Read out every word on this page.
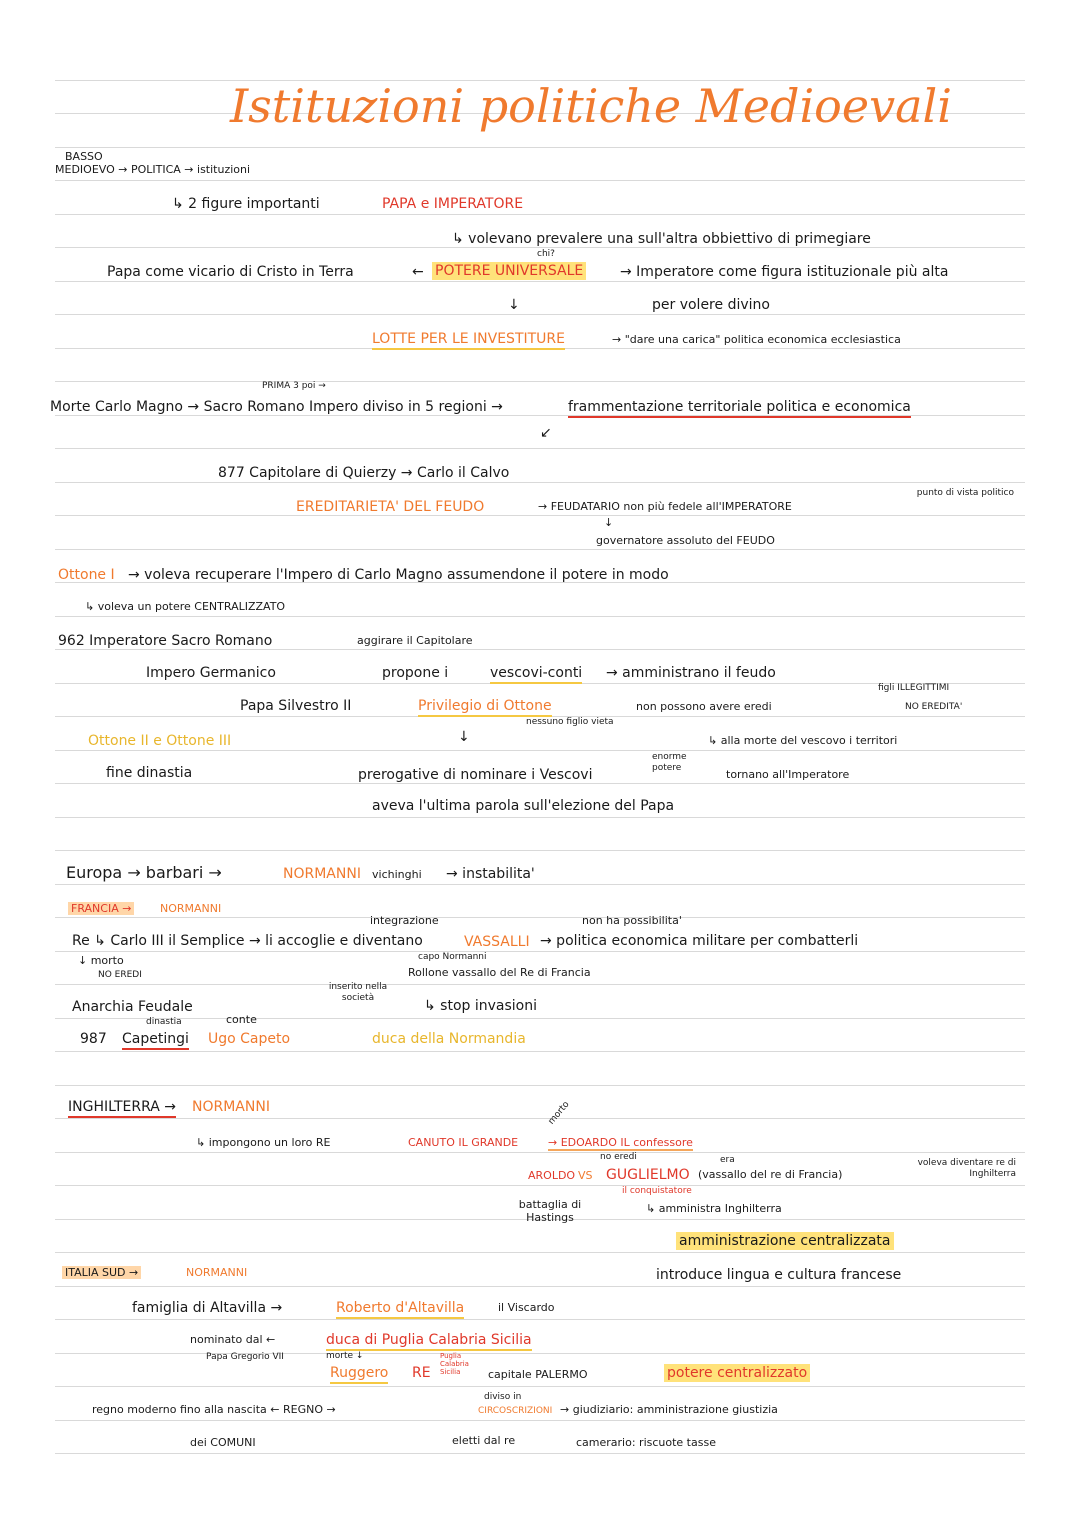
Istituzioni politiche Medioevali
BASSO
MEDIOEVO → POLITICA → istituzioni
↳ 2 figure importanti	PAPA e IMPERATORE
chi?
↳ volevano prevalere una sull'altra obbiettivo di primegiare
Papa come vicario di Cristo in Terra	← POTERE UNIVERSALE	→ Imperatore come figura istituzionale più alta
per volere divino
↓
LOTTE PER LE INVESTITURE	→ "dare una carica" politica economica ecclesiastica
PRIMA 3 poi →
Morte Carlo Magno → Sacro Romano Impero diviso in 5 regioni →	frammentazione territoriale politica e economica
↙
877 Capitolare di Quierzy → Carlo il Calvo
EREDITARIETA' DEL FEUDO	→ FEUDATARIO non più fedele all'IMPERATORE
punto di vista politico
↓
governatore assoluto del FEUDO
Ottone I → voleva recuperare l'Impero di Carlo Magno assumendone il potere in modo
↳ voleva un potere CENTRALIZZATO
962 Imperatore Sacro Romano	aggirare il Capitolare
Impero Germanico	propone i	vescovi-conti → amministrano il feudo
Papa Silvestro II	Privilegio di Ottone
nessuno figlio vieta
non possono avere eredi
figli ILLEGITTIMI
NO EREDITA'
Ottone II e Ottone III	↓	↳ alla morte del vescovo i territori
enorme potere
fine dinastia	prerogative di nominare i Vescovi	tornano all'Imperatore
aveva l'ultima parola sull'elezione del Papa
Europa → barbari →	NORMANNI vichinghi → instabilita'
FRANCIA →	NORMANNI
integrazione	non ha possibilita'
Re ↳ Carlo III il Semplice → li accoglie e diventano	VASSALLI → politica economica militare per combatterli
↓ morto
NO EREDI
capo Normanni
Rollone vassallo del Re di Francia
inserito nella società	↳ stop invasioni
Anarchia Feudale
dinastia	conte
987 Capetingi Ugo Capeto	duca della Normandia
INGHILTERRA → NORMANNI
↳ impongono un loro RE	CANUTO IL GRANDE
morto
→ EDOARDO IL confessore
no eredi	era
AROLDO VS GUGLIELMO (vassallo del re di Francia)
voleva diventare re di Inghilterra
il conquistatore
battaglia di Hastings
↳ amministra Inghilterra
amministrazione centralizzata
introduce lingua e cultura francese
ITALIA SUD →	NORMANNI
famiglia di Altavilla →	Roberto d'Altavilla	il Viscardo
nominato dal ←	duca di Puglia Calabria Sicilia
Papa Gregorio VII	morte ↓
Ruggero RE
Puglia Calabria Sicilia	capitale PALERMO	potere centralizzato
diviso in
regno moderno fino alla nascita ← REGNO →	CIRCOSCRIZIONI → giudiziario: amministrazione giustizia
dei COMUNI	eletti dal re	camerario: riscuote tasse
